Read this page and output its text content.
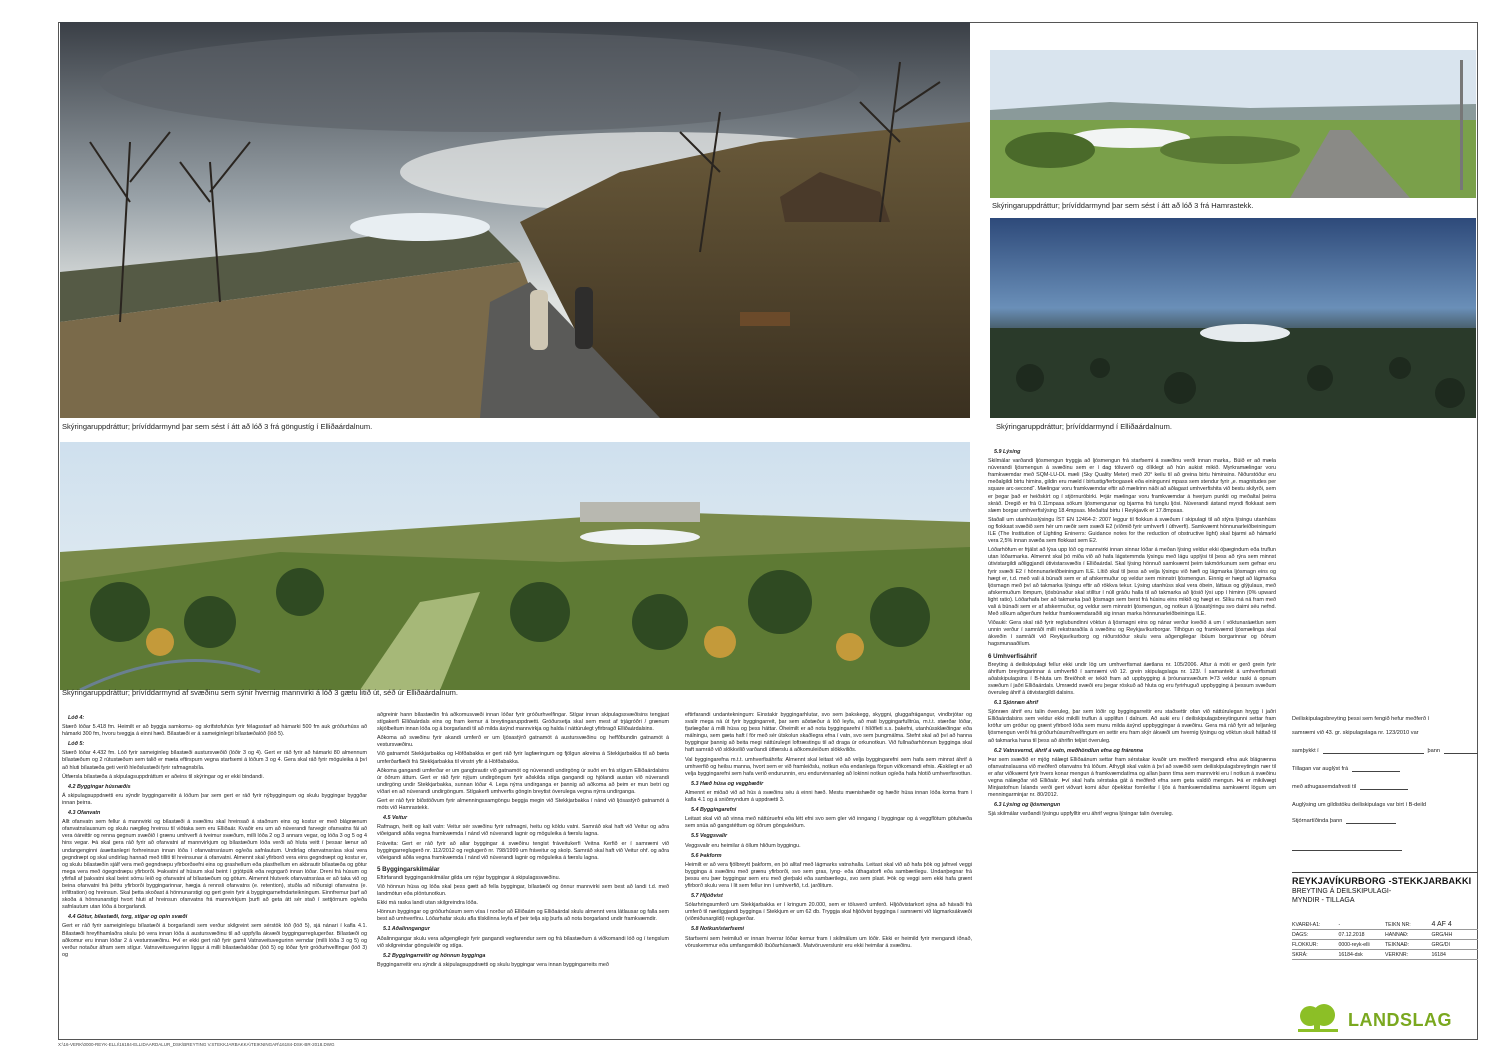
Skýringaruppdráttur; þrívíddarmynd þar sem sést í átt að lóð 3 frá göngustíg í Elliðaárdalnum.
Skýringaruppdráttur; þrívíddarmynd þar sem sést í átt að lóð 3 frá Hamrastekk.
Skýringaruppdráttur; þrívíddarmynd í Elliðaárdalnum.
Skýringaruppdráttur; þrívíddarmynd af svæðinu sem sýnir hvernig mannvirki á lóð 3 gætu litið út, séð úr Elliðaárdalnum.

Lóð 4:

Stærð lóðar 5.418 fm. Heimilt er að byggja samkomu- og skrifstofuhús fyrir félagsstarf að hámarki 500 fm auk gróðurhúss að hámarki 300 fm, hvoru tveggja á einni hæð. Bílastæði er á sameiginlegri bílastæðalóð (lóð 5).

Lóð 5:

Stærð lóðar 4.432 fm. Lóð fyrir sameiginleg bílastæði austursvæðið (lóðir 3 og 4). Gert er ráð fyrir að hámarki 80 almennum bílastæðum og 2 rútustæðum sem talið er mæta eftirspurn vegna starfsemi á lóðum 3 og 4. Gera skal ráð fyrir möguleika á því að hluti bílastæða geti verið hleðslustæði fyrir rafmagnsbíla.

Útfærsla bílastæða á skipulagsuppdráttum er aðeins til skýringar og er ekki bindandi.

4.2 Byggingar húsnæðis

Á skipulagsuppdrætti eru sýndir byggingarreitir á lóðum þar sem gert er ráð fyrir nýbyggingum og skulu byggingar byggðar innan þeirra.

4.3 Ofanvatn

Allt ofanvatn sem fellur á mannvirki og bílastæði á svæðinu skal hreinsað á staðnum eins og kostur er með blágrænum ofanvatnslausnum og skulu nægileg hreinsu til viðtaka sem eru Elliðaár. Kvaðir eru um að núverandi farvegir ofanvatns fái að vera óáreittir og renna gegnum svæðið í grænu umhverfi á tveimur svæðum, milli lóða 2 og 3 annars vegar, og lóða 3 og 5 og 4 hins vegar. Þá skal gera ráð fyrir að ofanvatni af mannvirkjum og bílastæðum lóða verði að hluta veitt í þessar lænur að undangenginni ásættanlegri forhreinsun innan lóða í ofanvatnsrásum og/eða safnlautum. Undirlag ofanvatnsrása skal vera gegndræpt og skal undirlag hannað með tilliti til hreinsunar á ofanvatni. Almennt skal yfirborð vera eins gegndræpt og kostur er, og skulu bílastæðin sjálf vera með gegndræpu yfirborðsefni eins og grashellum eða plasthellum en akbrautir bílastæða og götur mega vera með ógegndræpu yfirborði. Þakvatni af húsum skal beint í grjótpúlk eða regngarð innan lóðar. Dreni frá húsum og yfirfall af þakvatni skal beint sömu leið og ofanvatni af bílastæðum og götum. Almennt hlutverk ofanvatnsrása er að taka við og beina ofanvatni frá þéttu yfirborði byggingarinnar, hægja á rennsli ofanvatns (e. retention), stuðla að niðursigi ofanvatns (e. infiltration) og hreinsun. Skal þetta skoðast á hönnunarstigi og gert grein fyrir á byggingarnefndarteikningum. Einnfremur þarf að skoða á hönnunarstigi hvort hluti af hreinsun ofanvatns frá mannvirkjum þurfi að geta átt sér stað í settjörnum og/eða safnlautum utan lóða á borgarlandi.

4.4 Götur, bílastæði, torg, stígar og opin svæði

Gert er ráð fyrir sameiginlegu bílastæði á borgarlandi sem verður skilgreint sem sérstök lóð (lóð 5), sjá nánari í kafla 4.1. Bílastæði hreyfihamlaðra skulu þó vera innan lóða á austursvæðinu til að uppfylla ákvæði byggingarreglugerðar. Bílastæði og aðkomur eru innan lóðar 2 á vestursvæðinu. Því er ekki gert ráð fyrir gamli Vatnsveituvegurinn verndar (milli lóða 3 og 5) og verður notaður áfram sem stígur. Vatnsveituvegurinn liggur á milli bílastæðalóðar (lóð 5) og lóðar fyrir gróðurhvelfingar (lóð 3) og

aðgreinir hann bílastæðin frá aðkomusvæði innan lóðar fyrir gróðurhvelfingar. Stígar innan skipulagssvæðisins tengjast stígakerfi Elliðaárdals eins og fram kemur á breytingaruppdrætti. Gróðursetja skal sem mest af trjágróðri / grænum skjólbeltum innan lóða og á borgarlandi til að milda ásýnd mannvirkja og halda í náttúrulegt yfirbragð Elliðaárdalsins.

Aðkoma að svæðinu fyrir akandi umferð er um Ijósastýrð gatnamót á austursvæðinu og heffðbundin gatnamót á vestursvæðinu.

Við gatnamót Stekkjarbakka og Höfðabakka er gert ráð fyrir lagfæringum og fjölgun akreina á Stekkjarbakka til að bæta umferðarflæði frá Stekkjarbakka til vinstri yfir á Höfðabakka.

Aðkoma gangandi umferðar er um gangbrautir við gatnamót og núverandi undirgöng úr suðri en frá stígum Elliðaárdalsins úr öðrum áttum. Gert er ráð fyrir nýjum undirgöngum fyrir aðskilda stíga gangandi og hjólandi austan við núverandi undirgöng undir Stekkjarbakka, sunnan lóðar 4. Lega nýrra undirganga er þannig að aðkoma að þeim er mun betri og víðari en að núverandi undirgöngum. Stígakerfi umhverfis göngin breytist óverulega vegna nýrra undirganga.

Gert er ráð fyrir biðstöðvum fyrir almenningssamgöngu beggja megin við Stekkjarbakka í nánd við ljósastýrð gatnamót á móts við Hamrastekk.

4.5 Veitur

Rafmagn, heitt og kalt vatn: Veitur sér svæðinu fyrir rafmagni, heitu og köldu vatni. Samráð skal haft við Veitur og aðra viðeigandi aðila vegna framkvæmda í nánd við núverandi lagnir og möguleika á færslu lagna.

Fráveita: Gert er ráð fyrir að allar byggingar á svæðinu tengist fráveitukerfi Veitna Kerfið er í samræmi við byggingarreglugerð nr. 112/2012 og reglugerð nr. 798/1999 um fráveitur og skolp. Samráð skal haft við Veitur ohf. og aðra viðeigandi aðila vegna framkvæmda í nánd við núverandi lagnir og möguleika á færslu lagna.

5 Byggingarskilmálar

Eftirfarandi byggingarskilmálar gilda um nýjar byggingar á skipulagssvæðinu.

Við hönnun húsa og lóða skal þess gætt að fella byggingar, bílastæði og önnur mannvirki sem best að landi t.d. með landmótun eða plöntunotkun.

Ekki má raska landi utan skilgreindra lóða.

Hönnun byggingar og gróðurhúsum sem vísa í norður að Elliðaám og Elliðaárdal skulu almennt vera látlausar og falla sem best að umhverfinu. Lóðarhafar skulu afla tilskilinna leyfa ef þeir telja sig þurfa að nota borgarland undir framkvæmdir.

5.1 Aðalinngangur

Aðalinngangar skulu vera aðgengilegir fyrir gangandi vegfarendur sem og frá bílastæðum á viðkomandi lóð og í tengslum við skilgreindar gönguleiðir og stíga.

5.2 Byggingarreitir og hönnun bygginga

Byggingarreitir eru sýndir á skipulagsuppdrætti og skulu byggingar vera innan byggingarreits með

eftirfarandi undantekningum: Einstakir byggingarhlutar, svo sem þakskegg, skyggni, gluggafrágangur, vindbrjótar og svalir mega ná út fyrir byggingarreit, þar sem aðstæður á lóð leyfa, að mati byggingarfulltrúa, m.t.t. stærðar lóðar, fjarlægðar á milli húsa og þess háttar. Óheimilt er að nota byggingarefni í hlíðfleti s.s. þakefni, utanhússklæðingar eða málningu, sem gæta haft í för með sér útskolun skaðlegra efna í vatn, svo sem þungmálma. Stefnt skal að því að hanna byggingar þannig að beita megi náttúrulegri loftræstingu til að draga úr orkunotkun. Við fullnaðarhönnun bygginga skal haft samráð við slökkvilið varðandi útfærslu á aðkomuleiðum slökkviliðs.

Val byggingarefna m.t.t. umhverfisáhrifa: Almennt skal leitast við að velja byggingarefni sem hafa sem minnst áhrif á umhverfið og heilsu manna, hvort sem er við framleiðslu, notkun eða endanlega förgun viðkomandi efnis. Æskilegt er að velja byggingarefni sem hafa verið endurunnin, eru endurvinnanleg að lokinni notkun og/eða hafa hlotið umhverfisvottun.

5.3 Hæð húsa og veggbæðir

Almennt er miðað við að hús á svæðinu séu á einni hæð. Mestu mænishæðir og hæðir húsa innan lóða koma fram í kafla 4.1 og á sniðmyndum á uppdrætti 3.

5.4 Byggingarefni

Leitast skal við að vinna með náttúruefni eða létt efni svo sem gler við inngang í byggingar og á veggflötum götuhæða sem snúa að gangstéttum og öðrum gönguleiðum.

5.5 Veggsvalir

Veggsvalir eru heimilar á öllum hliðum byggingu.

5.6 Þakform

Heimilt er að vera fjölbreytt þakform, en þó alltaf með lágmarks vatnshalla. Leitast skal við að hafa þök og jafnvel veggi bygginga á svæðinu með grænu yfirborði, svo sem gras, lyng- eða úthagatorfi eða sambærilegu. Undanþegnar frá þessu eru þær byggingar sem eru með glerþaki eða sambærilegu, svo sem plast. Þök og veggi sem ekki hafa grænt yfirborð skulu vera í lit sem fellur inn í umhverfið, t.d. jarðlitum.

5.7 Hljóðvist

Sólarhringsumferð um Stekkjarbakka er í kringum 20.000, sem er töluverð umferð. Hljóðvistarkort sýna að hávaði frá umferð til nærliggjandi bygginga í Stekkjum er um 62 db. Tryggja skal hljóðvist bygginga í samræmi við lágmarksákvæði (viðmiðunargildi) reglugerðar.

5.8 Notkun/starfsemi

Starfsemi sem heimiluð er innan hverrar lóðar kemur fram í skilmálum um lóðir. Ekki er heimild fyrir mengandi iðnað, vöruskemmur eða umfangsmikið íbúðarhúsnæði. Matvöruverslunir eru ekki heimilar á svæðinu.

5.9 Lýsing

Skilmálar varðandi ljósmengun tryggja að ljósmengun frá starfsemi á svæðinu verði innan marka,. Búið er að mæla núverandi ljósmengun á svæðinu sem er í dag töluverð og ólíklegt að hún aukist mikið. Myrkramælingar voru framkvæmdar með SQM-LU-DL mæli (Sky Quality Meter) með 20° keilu til að greina birtu himinsins. Niðurstöður eru meðalgildi birtu himins, gildin eru mæld í birtustig/ferbogasek eða einingunni mpass sem stendur fyrir „e. magnitudes per square arc-second“. Mælingar voru framkvæmdar eftir að mælirinn náði að aðlagast umhverfishita við bestu skilyrði, sem er þegar það er heiðskírt og í stjörnuróbirki. Þrjár mælingar voru framkvæmdar á hverjum punkti og meðaltal þeirra skráð. Dregið er frá 0.11mpasa sökum ljósmengunar og bjarma frá tunglu ljósi. Núverandi ástand myndi flokkast sem slæm borgar umhverfislýsing 18.4mpsas. Meðaltal birtu í Reykjavík er 17.8mpsas.

Staðall um utanhússlýsingu ÍST EN 12464-2: 2007 leggur til flokkun á svæðum í skipulagi til að stýra lýsingu utanhúss og flokkast svæðið sem hér um ræðir sem svæði E2 (víðmið fyrir umhverfi í úthverfi). Samkvæmt hönnunarleiðbeiningum ILE (The Institution of Lighting Eninerrs: Guidance notes for the reduction of obstructive light) skal bjarmi að hámarki vera 2,5% innan svæða sem flokkast sem E2.

Lóðarhöfum er frjálst að lýsa upp lóð og mannvirki innan sinnar lóðar á meðan lýsing veldur ekki óþægindum eða truflun utan lóðarmarka. Almennt skal þó miða við að hafa lágstemmda lýsingu með lágu upplýsi til þess að rýra sem minnst útivistargildi aðliggjandi útivistarsvæðis í Elliðaárdal. Skal lýsing hönnuð samkvæmt þeim takmörkunum sem gefnar eru fyrir svæði E2 í hönnunarleiðbeiningum ILE. Lítið skal til þess að velja lýsingu við hæfi og lágmarka ljósmagn eins og hægt er, t.d. með vali á búnaði sem er af afskermuður og veldur sem minnstri ljósmengun. Einnig er hægt að lágmarka ljósmagn með því að takmarka lýsingu eftir að rökkva tekur. Lýsing utanhúss skal vera óbein, láttaus og glýjulaus, með afskermuðum lömpum, ljósbúnaður skal stilltur í núll gráðu halla til að takmarka að ljósið lýsi upp í himinn (0% upward light ratio). Lóðarhafa ber að takmarka það ljósmagn sem berst frá húsinu eins mikið og hægt er. Slíku má ná fram með vali á búnaði sem er af afskermuður, og veldur sem minnstri ljósmengun, og notkun á ljósastýringu svo daimi séu nefnd. Með slíkum aðgerðum heldur framkvæmdaraðili sig innan marka hönnunarleiðbeininga ILE.

Viðauki: Gera skal ráð fyrir reglubundinni vöktun á ljósmagni eins og nánar verður kveðið á um í vöktunaráætlun sem unnin verður í samráði milli rekstraraðila á svæðinu og Reykjavíkurborgar. Tilhögun og framkvæmd ljósmælinga skal ákveðin í samráði við Reykjavíkurborg og niðurstöður skulu vera aðgengilegar íbúum borgarinnar og öðrum hagsmunaaðilum.

6 Umhverfisáhrif

Breyting á deiliskipulagi fellur ekki undir lög um umhverfismat áætlana nr. 105/2006. Aftur á móti er gerð grein fyrir áhrifum breytingarinnar á umhverfið í samræmi við 12. grein skipulagslaga nr. 123/. Í samantekt á umhverfismati aðalskipulagsins í B-hluta um Breiðholt er tekið fram að uppbygging á þróunarsvæðum Þ73 veldur raski á opnum svæðum í jaðri Elliðaárdals. Umrædd svæði eru þegar röskuð að hluta og eru fyrirhuguð uppbygging á þessum svæðum óveruleg áhrif á útivistargildi dalsins.

6.1 Sjónræn áhrif

Sjónræn áhrif eru talin óveruleg, þar sem lóðir og byggingarreitir eru staðsettir ofan við náttúrulegan hrygg í jaðri Elliðaárdalsins sem veldur ekki mikilli truflun á upplifun í dalnum. Að auki eru í deiliskipulagsbreytingunni settar fram kröfur um gróður og grænt yfirborð lóða sem munu milda ásýnd uppbyggingar á svæðinu. Gera má ráð fyrir að teljanleg ljósmengun verði frá gróðurhúsum/hvelfingum en settir eru fram skýr ákvæði um hvernig lýsingu og vöktun skuli háttað til að takmarka hana til þess að áhrifin teljist óveruleg.

6.2 Vatnsvernd, áhrif á vatn, meðhöndlun efna og frárenna

Þar sem svæðið er mjög nálægt Elliðaánum settar fram sérstakar kvaðir um meðferð mengandi efna auk blágrænna ofanvatnslausna við meðferð ofanvatns frá lóðum. Athygli skal vakin á því að svæðið sem deiliskipulagsbreytingin nær til er afar viðkvæmt fyrir hvers konar mengun á framkvæmdatíma og allan þann tíma sem mannvirki eru í notkun á svæðinu vegna nálægðar við Elliðaár. Því skal hafa sérstaka gát á meðferð efna sem geta valdið mengun. Þá er mikilvægt Minjastofnun Íslands verði gert viðvart komi áður óþekktar fornleifar í ljós á framkvæmdatíma samkvæmt lögum um menningarminjar nr. 80/2012.

6.3 Lýsing og ljósmengun

Sjá skilmálar varðandi lýsingu uppfylltir eru áhrif vegna lýsingar talin óveruleg.

Deiliskipulagsbreyting þessi sem fengið hefur meðferð í
samræmi við 43. gr. skipulagslaga nr. 123/2010 var
samþykkt í	þann
Tillagan var auglýst frá
með athugasemdafresti til
Auglýsing um gildistöku deiliskipulags var birt í B-deild
Stjórnartíðinda þann
REYKJAVÍKURBORG -STEKKJARBAKKI
BREYTING Á DEILSKIPULAGI-
MYNDIR - TILLAGA
KVARÐI-A1:	-	TEIKN NR:	4 AF 4
DAGS:	07.12.2018	HANNAÐ:	GRG/HH
FLOKKUR:	0000-reyk-elli	TEIKNAÐ:	GRG/DI
SKRÁ:	16184-dsk	VERKNR:	16184
LANDSLAG
X:\16-VERK\0000-REYK-ELLI\16184-ELLIDAARDALUR_DSK\BREYTING V.STEKKJARBAKKA\TEIKNINGAR\16184-DSK-BR-2018.DWG
